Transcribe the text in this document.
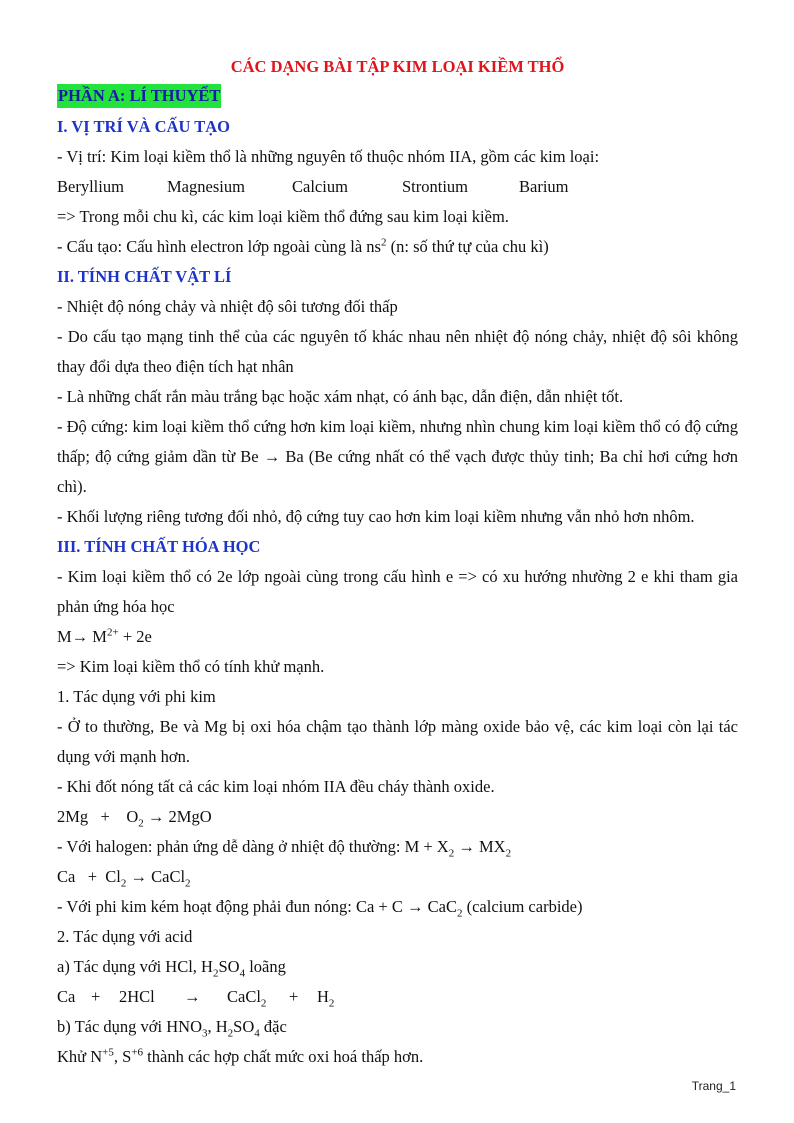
CÁC DẠNG BÀI TẬP KIM LOẠI KIỀM THỔ

PHẦN A: LÍ THUYẾT

I. VỊ TRÍ VÀ CẤU TẠO

- Vị trí: Kim loại kiềm thổ là những nguyên tố thuộc nhóm IIA, gồm các kim loại:

Beryllium	Magnesium	Calcium	Strontium	Barium

=> Trong mỗi chu kì, các kim loại kiềm thổ đứng sau kim loại kiềm.

- Cấu tạo: Cấu hình electron lớp ngoài cùng là $ns^2$ (n: số thứ tự của chu kì)

II. TÍNH CHẤT VẬT LÍ

- Nhiệt độ nóng chảy và nhiệt độ sôi tương đối thấp

- Do cấu tạo mạng tinh thể của các nguyên tố khác nhau nên nhiệt độ nóng chảy, nhiệt độ sôi không thay đổi dựa theo điện tích hạt nhân

- Là những chất rắn màu trắng bạc hoặc xám nhạt, có ánh bạc, dẫn điện, dẫn nhiệt tốt.

- Độ cứng: kim loại kiềm thổ cứng hơn kim loại kiềm, nhưng nhìn chung kim loại kiềm thổ có độ cứng thấp; độ cứng giảm dần từ Be → Ba (Be cứng nhất có thể vạch được thủy tinh; Ba chỉ hơi cứng hơn chì).

- Khối lượng riêng tương đối nhỏ, độ cứng tuy cao hơn kim loại kiềm nhưng vẫn nhỏ hơn nhôm.

III. TÍNH CHẤT HÓA HỌC

- Kim loại kiềm thổ có 2e lớp ngoài cùng trong cấu hình e => có xu hướng nhường 2 e khi tham gia phản ứng hóa học

$M\to M^{2+} + 2e$

=> Kim loại kiềm thổ có tính khử mạnh.

1. Tác dụng với phi kim

- Ở to thường, Be và Mg bị oxi hóa chậm tạo thành lớp màng oxide bảo vệ, các kim loại còn lại tác dụng với mạnh hơn.

- Khi đốt nóng tất cả các kim loại nhóm IIA đều cháy thành oxide.

2Mg   +    $O_2 \to 2MgO$

- Với halogen: phản ứng dễ dàng ở nhiệt độ thường: $M + X_2 \to MX_2$

$Ca + Cl_2$ → CaCl$_2$

- Với phi kim kém hoạt động phải đun nóng: Ca + C → CaC$_2$ (calcium carbide)

2. Tác dụng với acid

a) Tác dụng với HCl, $H_2SO_4$ loãng

Ca + 2HCl → CaCl$_2$ + $H_2$

b) Tác dụng với $HNO_3$, $H_2SO_4$ đặc

Khử $N^{+5}$, $S^{+6}$ thành các hợp chất mức oxi hoá thấp hơn.

Trang_1
